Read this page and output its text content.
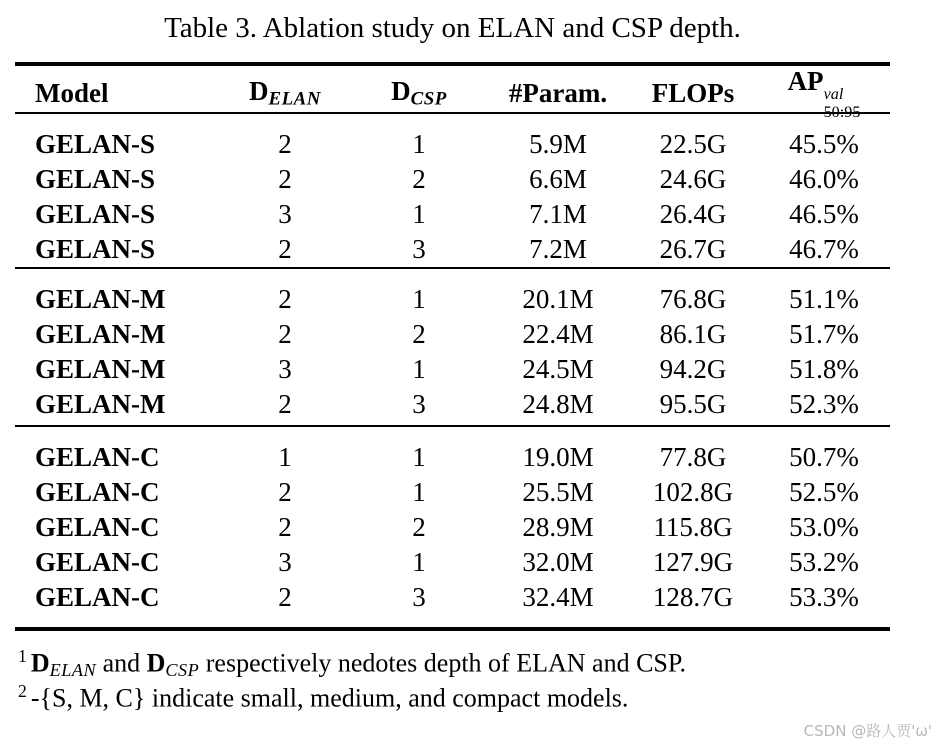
Table 3. Ablation study on ELAN and CSP depth.
Model	$D_{ELAN}$	$D_{CSP}$	#Param.	FLOPs	AP val
50:95
GELAN-S	2	1	5.9M	22.5G	45.5%
GELAN-S	2	2	6.6M	24.6G	46.0%
GELAN-S	3	1	7.1M	26.4G	46.5%
GELAN-S	2	3	7.2M	26.7G	46.7%
GELAN-M	2	1	20.1M	76.8G	51.1%
GELAN-M	2	2	22.4M	86.1G	51.7%
GELAN-M	3	1	24.5M	94.2G	51.8%
GELAN-M	2	3	24.8M	95.5G	52.3%
GELAN-C	1	1	19.0M	77.8G	50.7%
GELAN-C	2	1	25.5M	102.8G	52.5%
GELAN-C	2	2	28.9M	115.8G	53.0%
GELAN-C	3	1	32.0M	127.9G	53.2%
GELAN-C	2	3	32.4M	128.7G	53.3%
$^1$ $D_{ELAN}$ and $D_{CSP}$ respectively nedotes depth of ELAN and CSP.
$^2$ -{S, M, C} indicate small, medium, and compact models.
CSDN @路人贾'ω'
